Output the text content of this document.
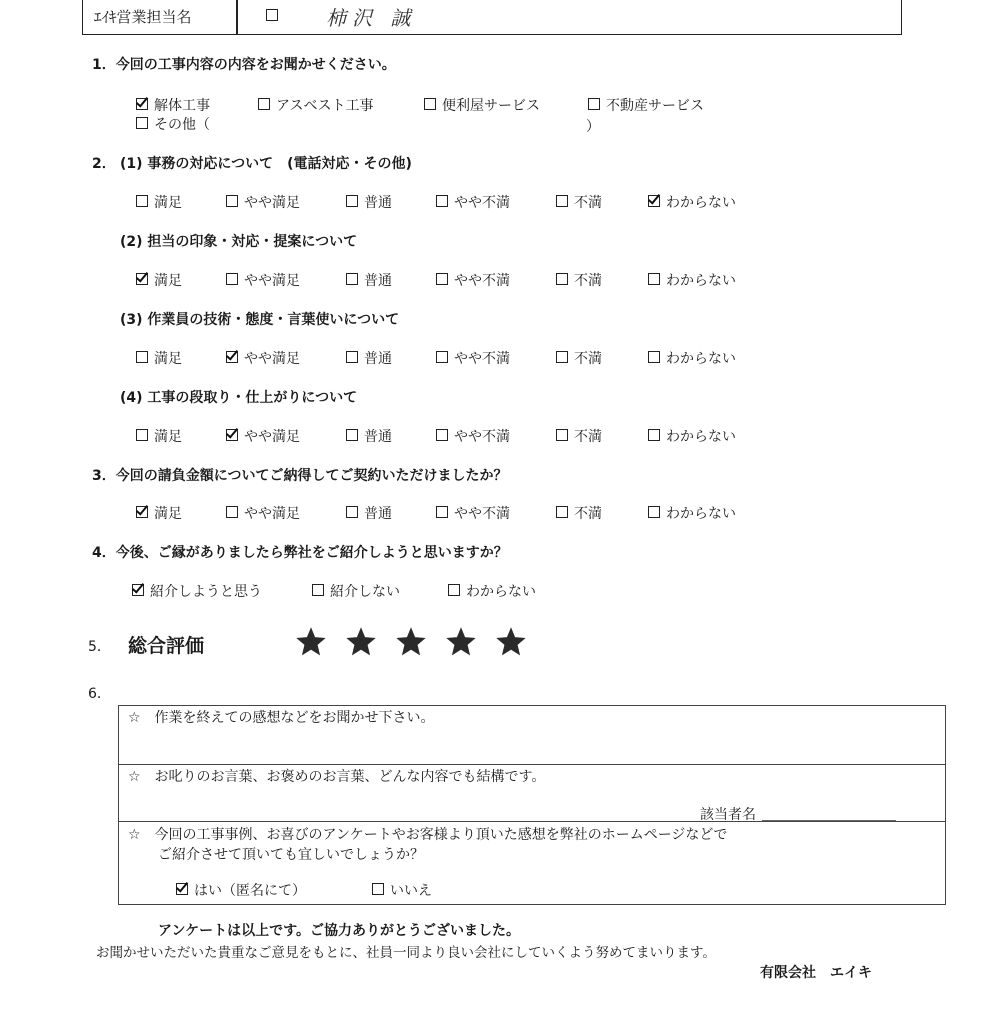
ｴｲｷ営業担当名	柿沢 誠
1．今回の工事内容の内容をお聞かせください。
解体工事	アスベスト工事	便利屋サービス	不動産サービス
その他（	）
2． (1) 事務の対応について　(電話対応・その他)
満足	やや満足	普通	やや不満	不満	わからない
(2) 担当の印象・対応・提案について
満足	やや満足	普通	やや不満	不満	わからない
(3) 作業員の技術・態度・言葉使いについて
満足	やや満足	普通	やや不満	不満	わからない
(4) 工事の段取り・仕上がりについて
満足	やや満足	普通	やや不満	不満	わからない
3．今回の請負金額についてご納得してご契約いただけましたか？
満足	やや満足	普通	やや不満	不満	わからない
4．今後、ご縁がありましたら弊社をご紹介しようと思いますか？
紹介しようと思う	紹介しない	わからない
5． 総合評価
6．
☆　作業を終えての感想などをお聞かせ下さい。
☆　お叱りのお言葉、お褒めのお言葉、どんな内容でも結構です。
該当者名
☆　今回の工事事例、お喜びのアンケートやお客様より頂いた感想を弊社のホームページなどで
ご紹介させて頂いても宜しいでしょうか？
はい（匿名にて）	いいえ
アンケートは以上です。ご協力ありがとうございました。
お聞かせいただいた貴重なご意見をもとに、社員一同より良い会社にしていくよう努めてまいります。
有限会社　エイキ
